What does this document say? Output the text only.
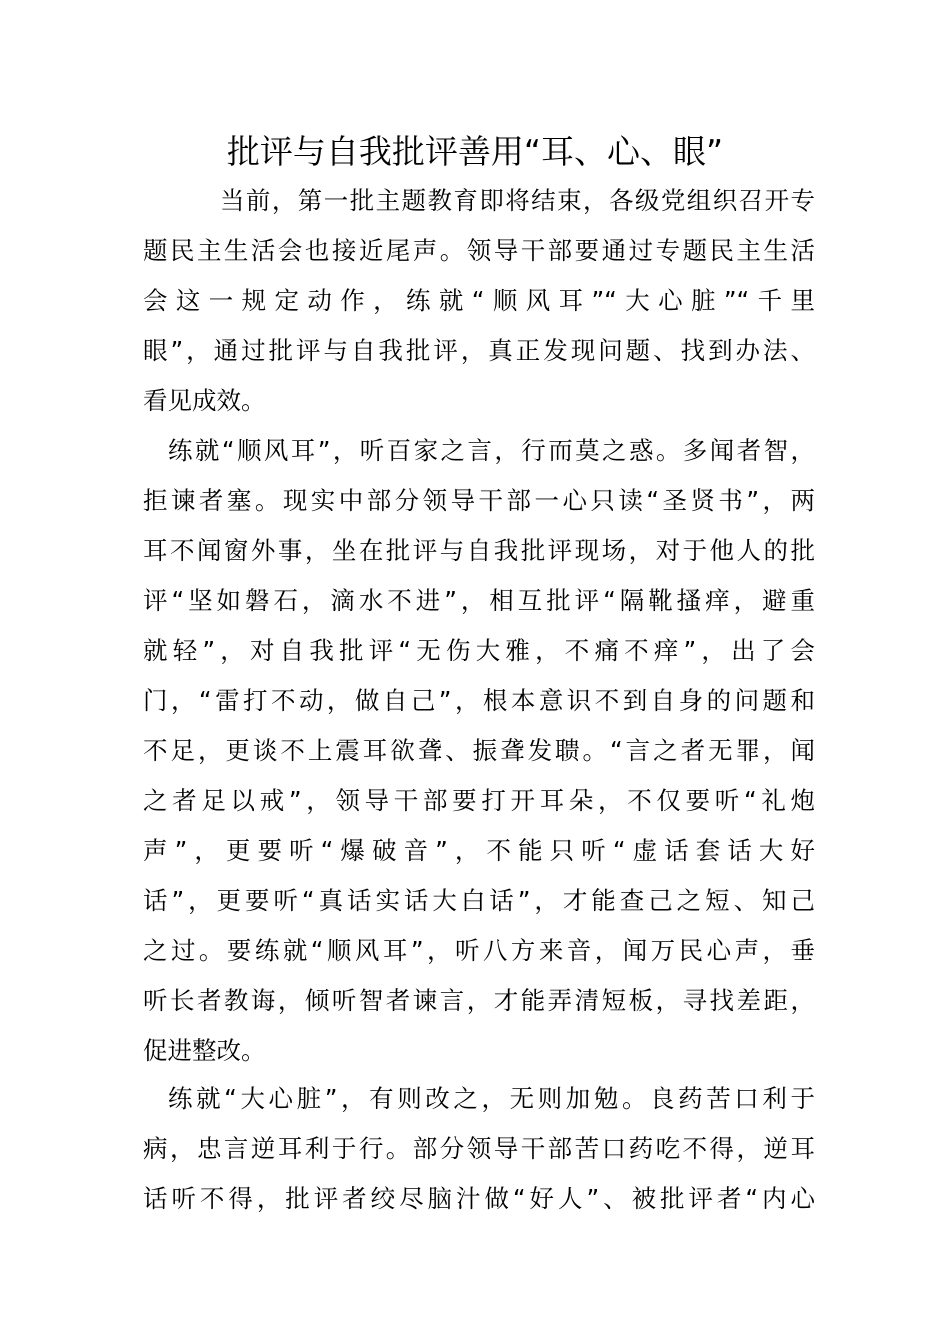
批评与自我批评善用“耳、心、眼”
当前，第一批主题教育即将结束，各级党组织召开专
题民主生活会也接近尾声。领导干部要通过专题民主生活
会这一规定动作，练就“顺风耳”“大心脏”“千里
眼”，通过批评与自我批评，真正发现问题、找到办法、
看见成效。
练就“顺风耳”，听百家之言，行而莫之惑。多闻者智，
拒谏者塞。现实中部分领导干部一心只读“圣贤书”，两
耳不闻窗外事，坐在批评与自我批评现场，对于他人的批
评“坚如磐石，滴水不进”，相互批评“隔靴搔痒，避重
就轻”，对自我批评“无伤大雅，不痛不痒”，出了会
门，“雷打不动，做自己”，根本意识不到自身的问题和
不足，更谈不上震耳欲聋、振聋发聩。“言之者无罪，闻
之者足以戒”，领导干部要打开耳朵，不仅要听“礼炮
声”，更要听“爆破音”，不能只听“虚话套话大好
话”，更要听“真话实话大白话”，才能查己之短、知己
之过。要练就“顺风耳”，听八方来音，闻万民心声，垂
听长者教诲，倾听智者谏言，才能弄清短板，寻找差距，
促进整改。
练就“大心脏”，有则改之，无则加勉。良药苦口利于
病，忠言逆耳利于行。部分领导干部苦口药吃不得，逆耳
话听不得，批评者绞尽脑汁做“好人”、被批评者“内心
